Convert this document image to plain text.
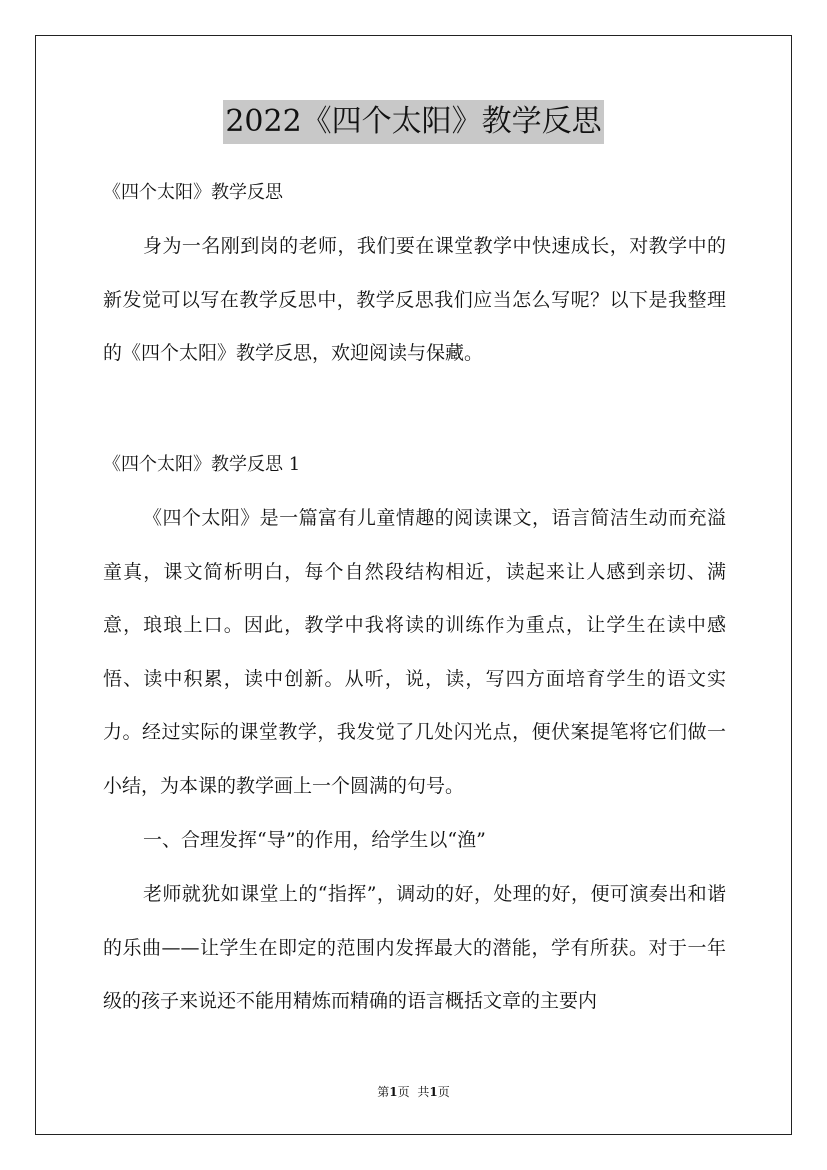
2022《四个太阳》教学反思
《四个太阳》教学反思

身为一名刚到岗的老师，我们要在课堂教学中快速成长，对教学中的新发觉可以写在教学反思中，教学反思我们应当怎么写呢？以下是我整理的《四个太阳》教学反思，欢迎阅读与保藏。

《四个太阳》教学反思 1

《四个太阳》是一篇富有儿童情趣的阅读课文，语言简洁生动而充溢童真，课文简析明白，每个自然段结构相近，读起来让人感到亲切、满意，琅琅上口。因此，教学中我将读的训练作为重点，让学生在读中感悟、读中积累，读中创新。从听，说，读，写四方面培育学生的语文实力。经过实际的课堂教学，我发觉了几处闪光点，便伏案提笔将它们做一小结，为本课的教学画上一个圆满的句号。

一、合理发挥“导”的作用，给学生以“渔”

老师就犹如课堂上的“指挥”，调动的好，处理的好，便可演奏出和谐的乐曲——让学生在即定的范围内发挥最大的潜能，学有所获。对于一年级的孩子来说还不能用精炼而精确的语言概括文章的主要内

第1页 共1页
